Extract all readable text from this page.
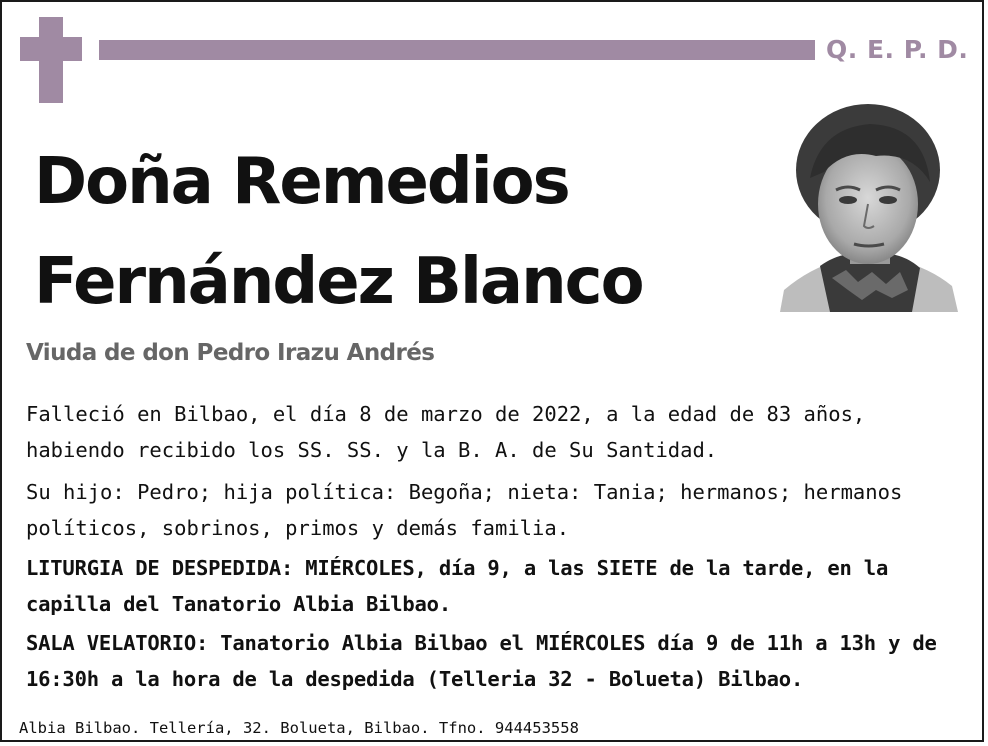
Q. E. P. D.
Doña Remedios
Fernández Blanco
Viuda de don Pedro Irazu Andrés
Falleció en Bilbao, el día 8 de marzo de 2022, a la edad de 83 años, habiendo recibido los SS. SS. y la B. A. de Su Santidad.
Su hijo: Pedro; hija política: Begoña; nieta: Tania; hermanos; hermanos políticos, sobrinos, primos y demás familia.
LITURGIA DE DESPEDIDA: MIÉRCOLES, día 9, a las SIETE de la tarde, en la capilla del Tanatorio Albia Bilbao.
SALA VELATORIO: Tanatorio Albia Bilbao el MIÉRCOLES día 9 de 11h a 13h y de 16:30h a la hora de la despedida (Telleria 32 - Bolueta) Bilbao.
Albia Bilbao. Tellería, 32. Bolueta, Bilbao. Tfno. 944453558
